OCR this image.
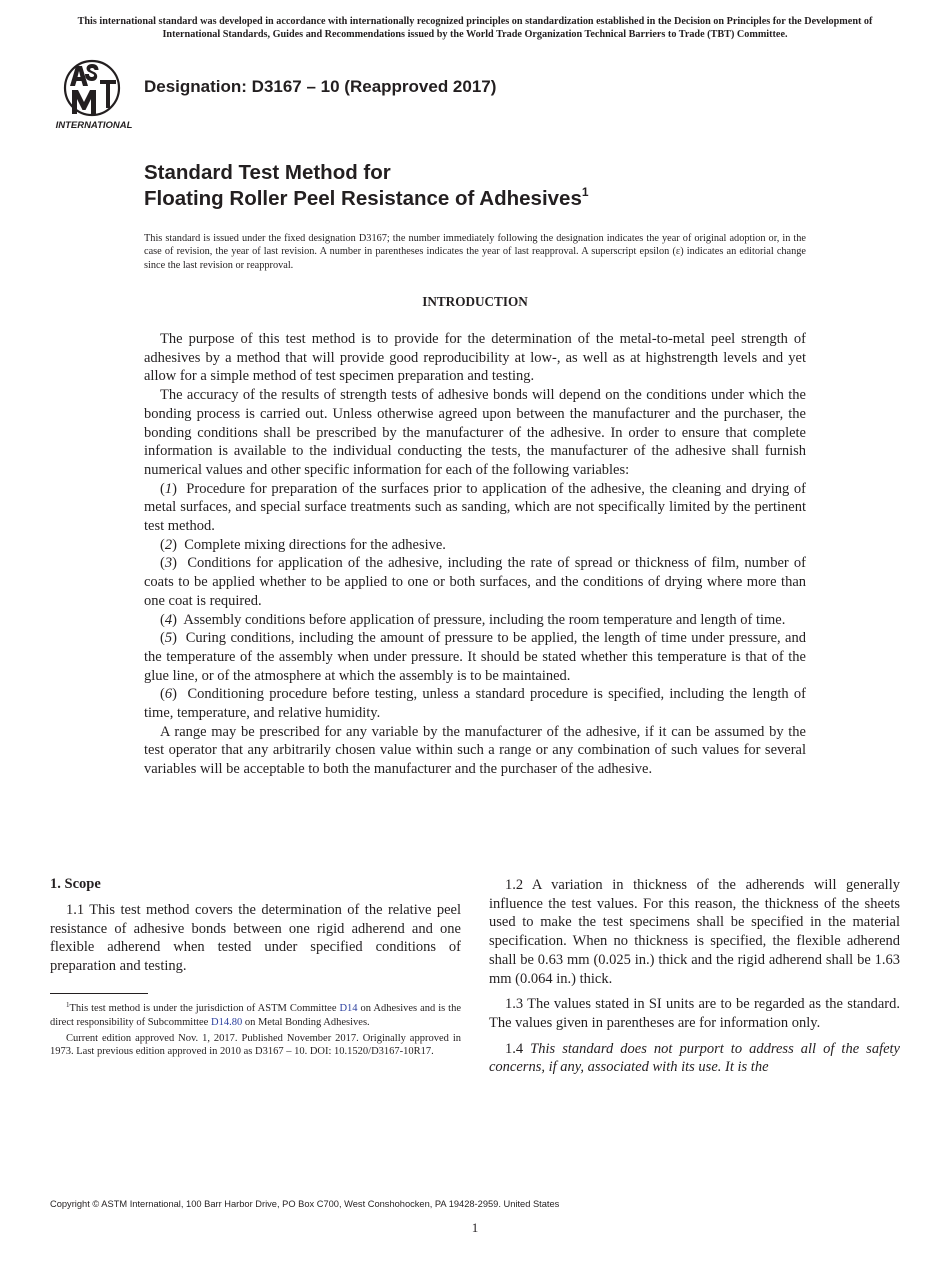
This international standard was developed in accordance with internationally recognized principles on standardization established in the Decision on Principles for the Development of International Standards, Guides and Recommendations issued by the World Trade Organization Technical Barriers to Trade (TBT) Committee.
INTERNATIONAL
Designation: D3167 – 10 (Reapproved 2017)
Standard Test Method for
Floating Roller Peel Resistance of Adhesives$^1$
This standard is issued under the fixed designation D3167; the number immediately following the designation indicates the year of original adoption or, in the case of revision, the year of last revision. A number in parentheses indicates the year of last reapproval. A superscript epsilon (ε) indicates an editorial change since the last revision or reapproval.
INTRODUCTION

The purpose of this test method is to provide for the determination of the metal-to-metal peel strength of adhesives by a method that will provide good reproducibility at low-, as well as at highstrength levels and yet allow for a simple method of test specimen preparation and testing.

The accuracy of the results of strength tests of adhesive bonds will depend on the conditions under which the bonding process is carried out. Unless otherwise agreed upon between the manufacturer and the purchaser, the bonding conditions shall be prescribed by the manufacturer of the adhesive. In order to ensure that complete information is available to the individual conducting the tests, the manufacturer of the adhesive shall furnish numerical values and other specific information for each of the following variables:

(1)  Procedure for preparation of the surfaces prior to application of the adhesive, the cleaning and drying of metal surfaces, and special surface treatments such as sanding, which are not specifically limited by the pertinent test method.

(2)  Complete mixing directions for the adhesive.

(3)  Conditions for application of the adhesive, including the rate of spread or thickness of film, number of coats to be applied whether to be applied to one or both surfaces, and the conditions of drying where more than one coat is required.

(4)  Assembly conditions before application of pressure, including the room temperature and length of time.

(5)  Curing conditions, including the amount of pressure to be applied, the length of time under pressure, and the temperature of the assembly when under pressure. It should be stated whether this temperature is that of the glue line, or of the atmosphere at which the assembly is to be maintained.

(6)  Conditioning procedure before testing, unless a standard procedure is specified, including the length of time, temperature, and relative humidity.

A range may be prescribed for any variable by the manufacturer of the adhesive, if it can be assumed by the test operator that any arbitrarily chosen value within such a range or any combination of such values for several variables will be acceptable to both the manufacturer and the purchaser of the adhesive.

1. Scope

1.1 This test method covers the determination of the relative peel resistance of adhesive bonds between one rigid adherend and one flexible adherend when tested under specified conditions of preparation and testing.

$^1$This test method is under the jurisdiction of ASTM Committee D14 on Adhesives and is the direct responsibility of Subcommittee D14.80 on Metal Bonding Adhesives.

Current edition approved Nov. 1, 2017. Published November 2017. Originally approved in 1973. Last previous edition approved in 2010 as D3167 – 10. DOI: 10.1520/D3167-10R17.

1.2 A variation in thickness of the adherends will generally influence the test values. For this reason, the thickness of the sheets used to make the test specimens shall be specified in the material specification. When no thickness is specified, the flexible adherend shall be 0.63 mm (0.025 in.) thick and the rigid adherend shall be 1.63 mm (0.064 in.) thick.

1.3 The values stated in SI units are to be regarded as the standard. The values given in parentheses are for information only.

1.4 This standard does not purport to address all of the safety concerns, if any, associated with its use. It is the

Copyright © ASTM International, 100 Barr Harbor Drive, PO Box C700, West Conshohocken, PA 19428-2959. United States
1
